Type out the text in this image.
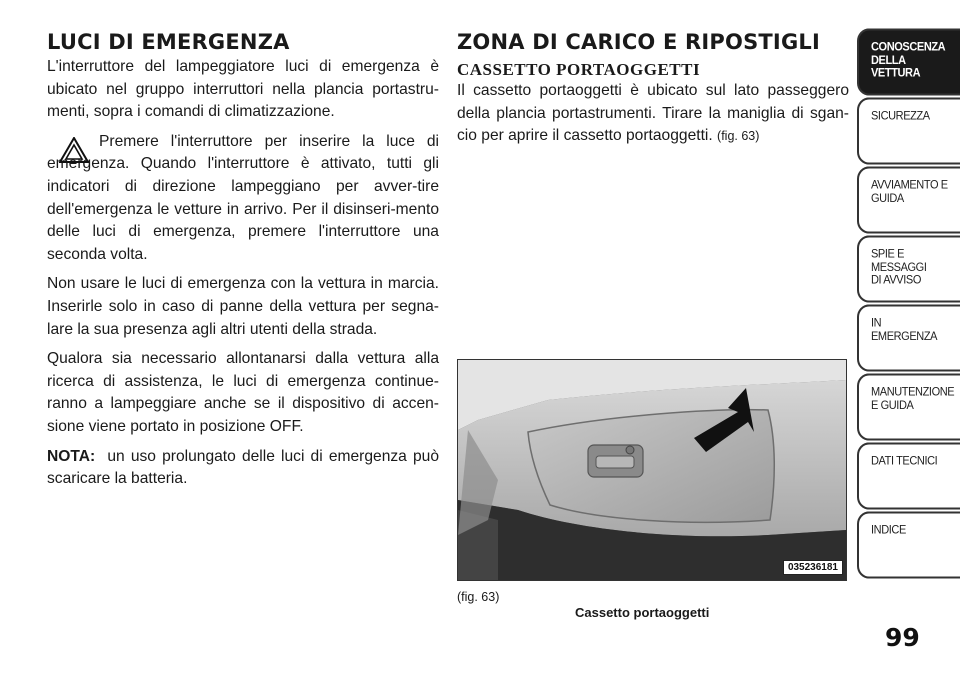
LUCI DI EMERGENZA

L'interruttore del lampeggiatore luci di emergenza è ubicato nel gruppo interruttori nella plancia portastru-menti, sopra i comandi di climatizzazione.

Premere l'interruttore per inserire la luce di emergenza. Quando l'interruttore è attivato, tutti gli indicatori di direzione lampeggiano per avver-tire dell'emergenza le vetture in arrivo. Per il disinseri-mento delle luci di emergenza, premere l'interruttore una seconda volta.

Non usare le luci di emergenza con la vettura in marcia. Inserirle solo in caso di panne della vettura per segna-lare la sua presenza agli altri utenti della strada.

Qualora sia necessario allontanarsi dalla vettura alla ricerca di assistenza, le luci di emergenza continue-ranno a lampeggiare anche se il dispositivo di accen-sione viene portato in posizione OFF.

NOTA: un uso prolungato delle luci di emergenza può scaricare la batteria.

ZONA DI CARICO E RIPOSTIGLI
CASSETTO PORTAOGGETTI

Il cassetto portaoggetti è ubicato sul lato passeggero della plancia portastrumenti. Tirare la maniglia di sgan-cio per aprire il cassetto portaoggetti. (fig. 63)

035236181
(fig. 63)
Cassetto portaoggetti
CONOSCENZA
DELLA VETTURA
SICUREZZA
AVVIAMENTO E
GUIDA
SPIE E
MESSAGGI
DI AVVISO
IN
EMERGENZA
MANUTENZIONE
E GUIDA
DATI TECNICI
INDICE
99
